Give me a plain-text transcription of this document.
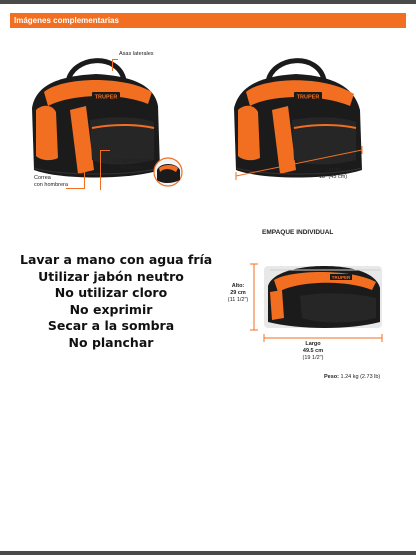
Imágenes complementarias
TRUPER	TRUPER
TRUPER
Asas laterales
Compartimentos
múltiples
Correa
con hombrera
Largo
18" (45 cm)
Lavar a mano con agua fría
Utilizar jabón neutro
No utilizar cloro
No exprimir
Secar a la sombra
No planchar
EMPAQUE INDIVIDUAL
Alto:
29 cm
(11 1/2")
Largo
49.5 cm
(19 1/2")
Peso: 1.24 kg (2.73 lb)
